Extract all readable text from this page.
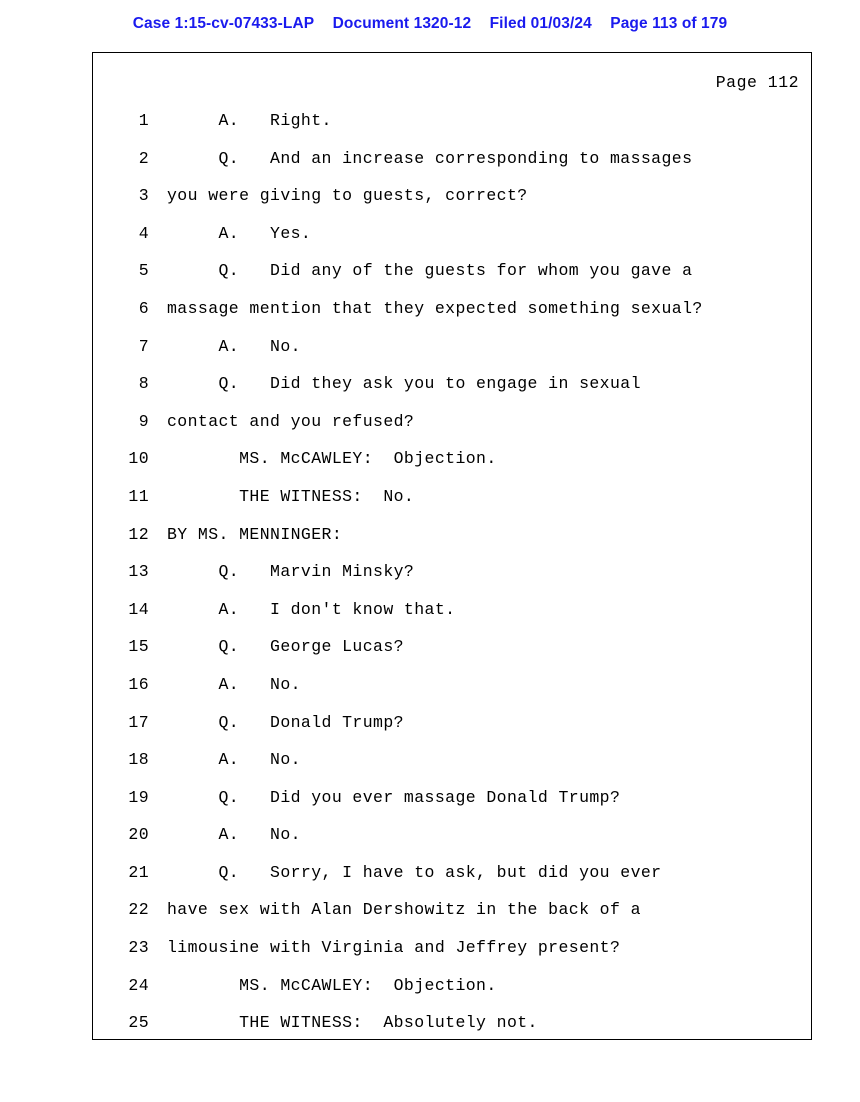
Case 1:15-cv-07433-LAP Document 1320-12 Filed 01/03/24 Page 113 of 179
Page 112
1	A.   Right.
2	Q.   And an increase corresponding to massages
3	you were giving to guests, correct?
4	A.   Yes.
5	Q.   Did any of the guests for whom you gave a
6	massage mention that they expected something sexual?
7	A.   No.
8	Q.   Did they ask you to engage in sexual
9	contact and you refused?
10	MS. McCAWLEY:  Objection.
11	THE WITNESS:  No.
12	BY MS. MENNINGER:
13	Q.   Marvin Minsky?
14	A.   I don't know that.
15	Q.   George Lucas?
16	A.   No.
17	Q.   Donald Trump?
18	A.   No.
19	Q.   Did you ever massage Donald Trump?
20	A.   No.
21	Q.   Sorry, I have to ask, but did you ever
22	have sex with Alan Dershowitz in the back of a
23	limousine with Virginia and Jeffrey present?
24	MS. McCAWLEY:  Objection.
25	THE WITNESS:  Absolutely not.
